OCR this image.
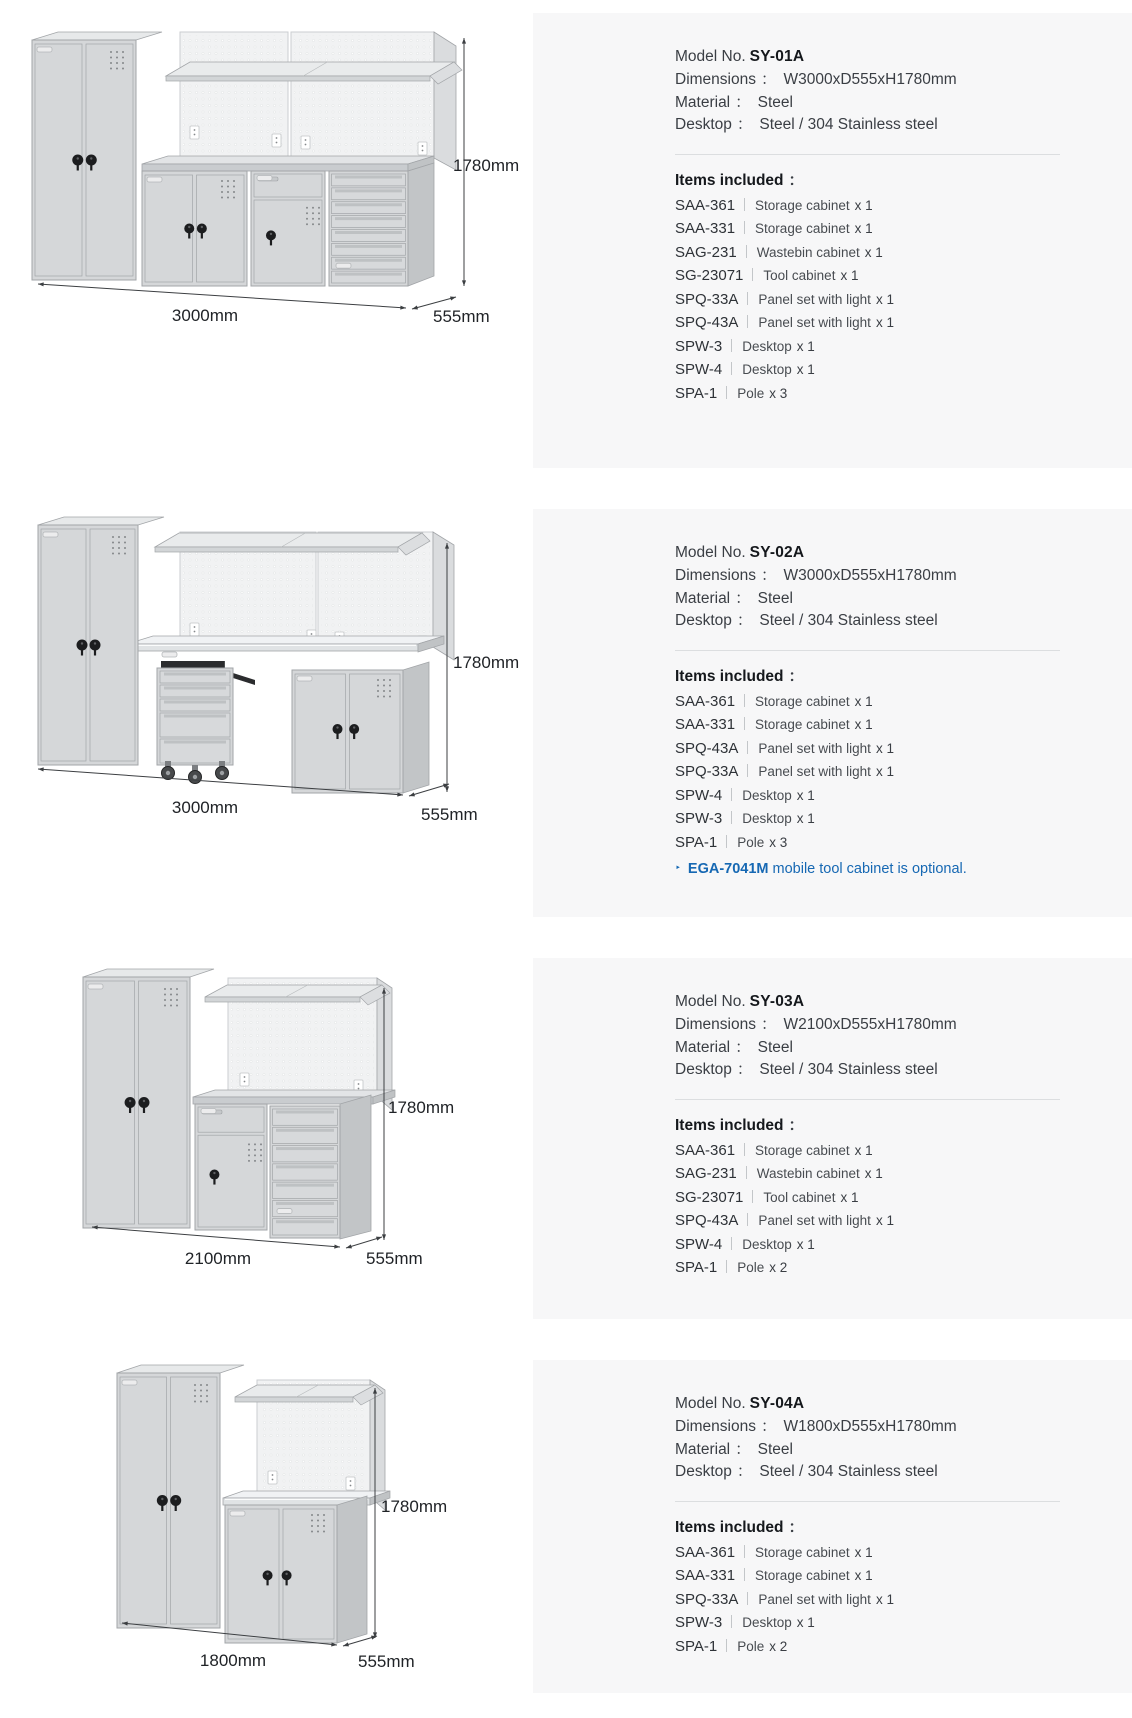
1780mm
3000mm	555mm
1780mm
3000mm	555mm
1780mm
2100mm	555mm
1780mm
1800mm	555mm
Model No. SY-01A
Dimensions ： W3000xD555xH1780mm
Material ： Steel
Desktop ： Steel / 304 Stainless steel
Items included ：
SAA-361 Storage cabinet x 1
SAA-331 Storage cabinet x 1
SAG-231 Wastebin cabinet x 1
SG-23071 Tool cabinet x 1
SPQ-33A Panel set with light x 1
SPQ-43A Panel set with light x 1
SPW-3 Desktop x 1
SPW-4 Desktop x 1
SPA-1 Pole x 3
Model No. SY-02A
Dimensions ： W3000xD555xH1780mm
Material ： Steel
Desktop ： Steel / 304 Stainless steel
Items included ：
SAA-361 Storage cabinet x 1
SAA-331 Storage cabinet x 1
SPQ-43A Panel set with light x 1
SPQ-33A Panel set with light x 1
SPW-4 Desktop x 1
SPW-3 Desktop x 1
SPA-1 Pole x 3
‣ EGA-7041M mobile tool cabinet is optional.
Model No. SY-03A
Dimensions ： W2100xD555xH1780mm
Material ： Steel
Desktop ： Steel / 304 Stainless steel
Items included ：
SAA-361 Storage cabinet x 1
SAG-231 Wastebin cabinet x 1
SG-23071 Tool cabinet x 1
SPQ-43A Panel set with light x 1
SPW-4 Desktop x 1
SPA-1 Pole x 2
Model No. SY-04A
Dimensions ： W1800xD555xH1780mm
Material ： Steel
Desktop ： Steel / 304 Stainless steel
Items included ：
SAA-361 Storage cabinet x 1
SAA-331 Storage cabinet x 1
SPQ-33A Panel set with light x 1
SPW-3 Desktop x 1
SPA-1 Pole x 2
